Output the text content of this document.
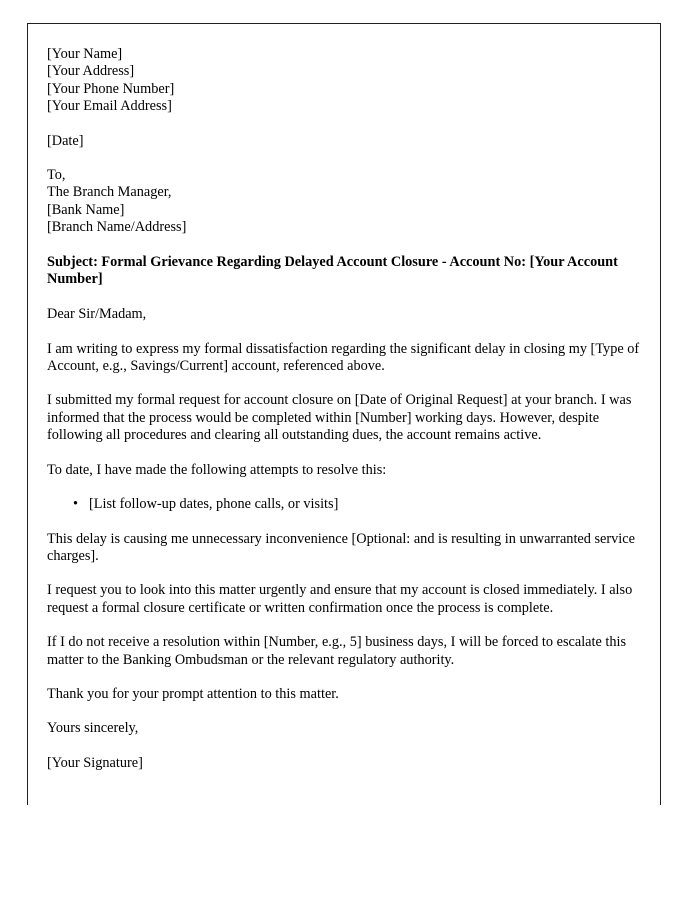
[Your Name]
[Your Address]
[Your Phone Number]
[Your Email Address]
[Date]
To,
The Branch Manager,
[Bank Name]
[Branch Name/Address]
Subject: Formal Grievance Regarding Delayed Account Closure - Account No: [Your Account Number]
Dear Sir/Madam,

I am writing to express my formal dissatisfaction regarding the significant delay in closing my [Type of Account, e.g., Savings/Current] account, referenced above.

I submitted my formal request for account closure on [Date of Original Request] at your branch. I was informed that the process would be completed within [Number] working days. However, despite following all procedures and clearing all outstanding dues, the account remains active.

To date, I have made the following attempts to resolve this:

• [List follow-up dates, phone calls, or visits]

This delay is causing me unnecessary inconvenience [Optional: and is resulting in unwarranted service charges].

I request you to look into this matter urgently and ensure that my account is closed immediately. I also request a formal closure certificate or written confirmation once the process is complete.

If I do not receive a resolution within [Number, e.g., 5] business days, I will be forced to escalate this matter to the Banking Ombudsman or the relevant regulatory authority.

Thank you for your prompt attention to this matter.

Yours sincerely,
[Your Signature]
